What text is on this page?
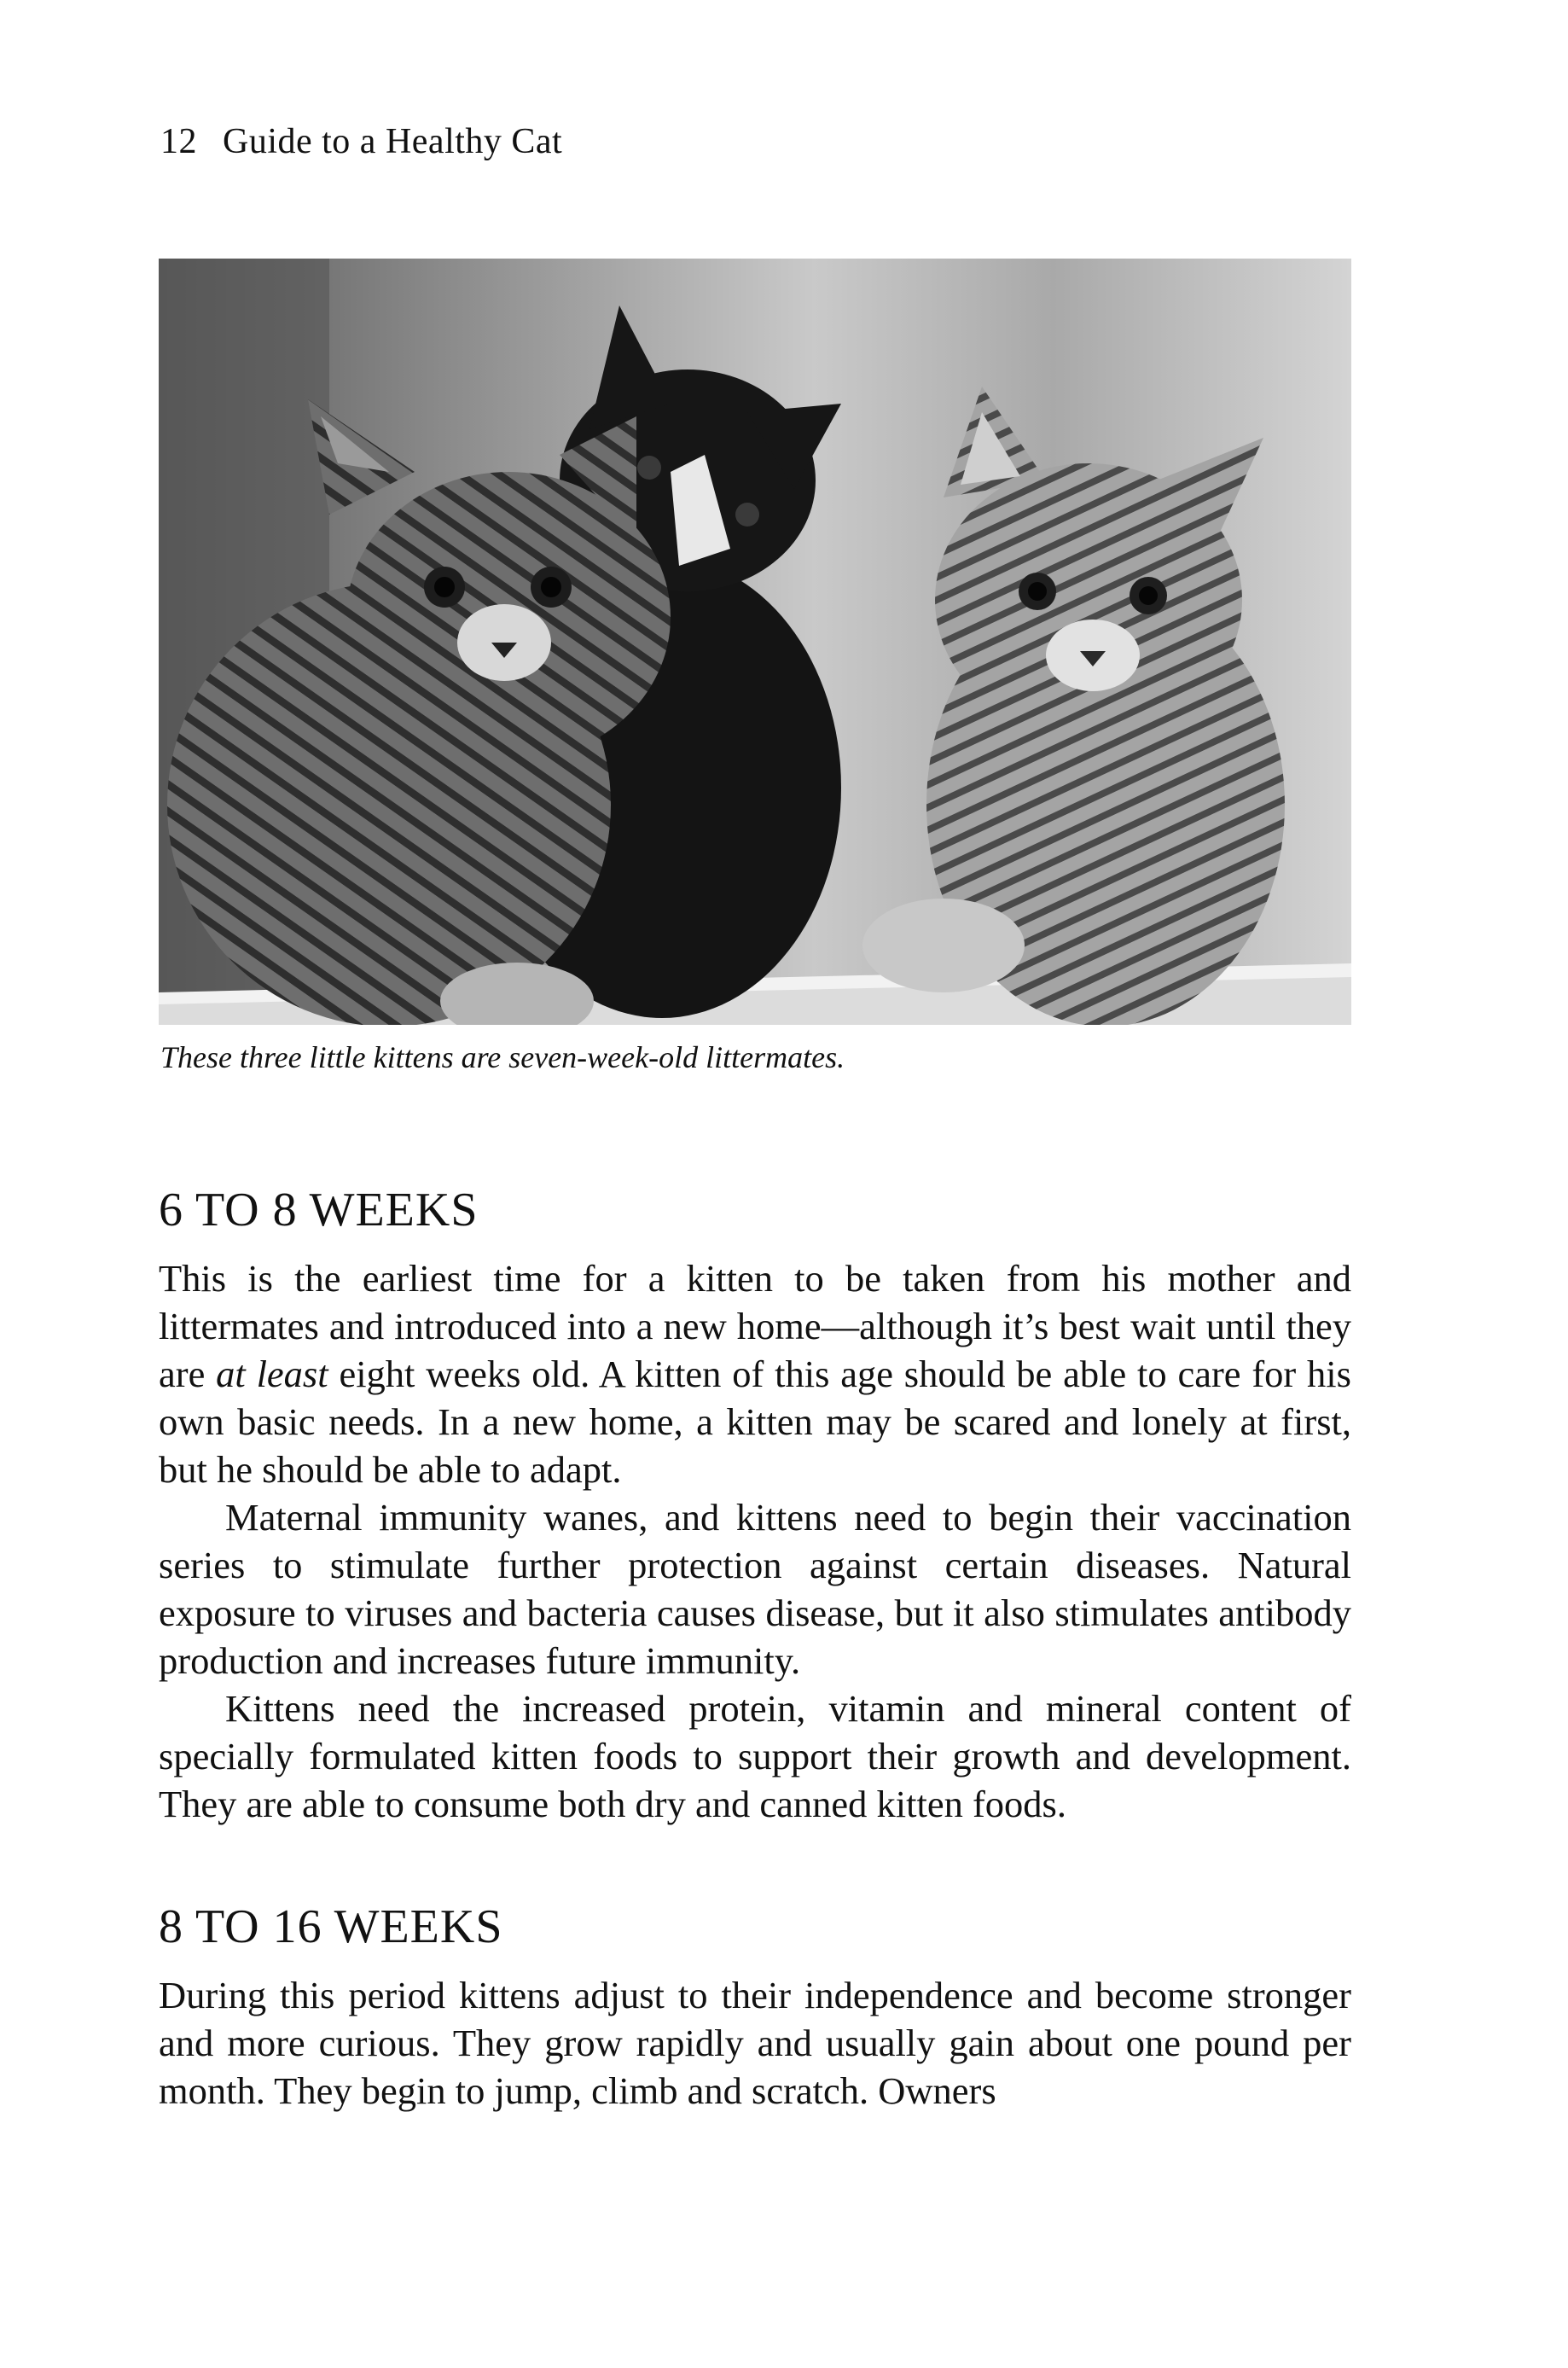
12 Guide to a Healthy Cat
These three little kittens are seven-week-old littermates.
6 TO 8 WEEKS

This is the earliest time for a kitten to be taken from his mother and littermates and introduced into a new home—although it’s best wait until they are at least eight weeks old. A kitten of this age should be able to care for his own basic needs. In a new home, a kitten may be scared and lonely at first, but he should be able to adapt.

Maternal immunity wanes, and kittens need to begin their vaccination series to stimulate further protection against certain diseases. Natural exposure to viruses and bacteria causes disease, but it also stimulates antibody production and increases future immunity.

Kittens need the increased protein, vitamin and mineral content of specially formulated kitten foods to support their growth and development. They are able to consume both dry and canned kitten foods.

8 TO 16 WEEKS

During this period kittens adjust to their independence and become stronger and more curious. They grow rapidly and usually gain about one pound per month. They begin to jump, climb and scratch. Owners
